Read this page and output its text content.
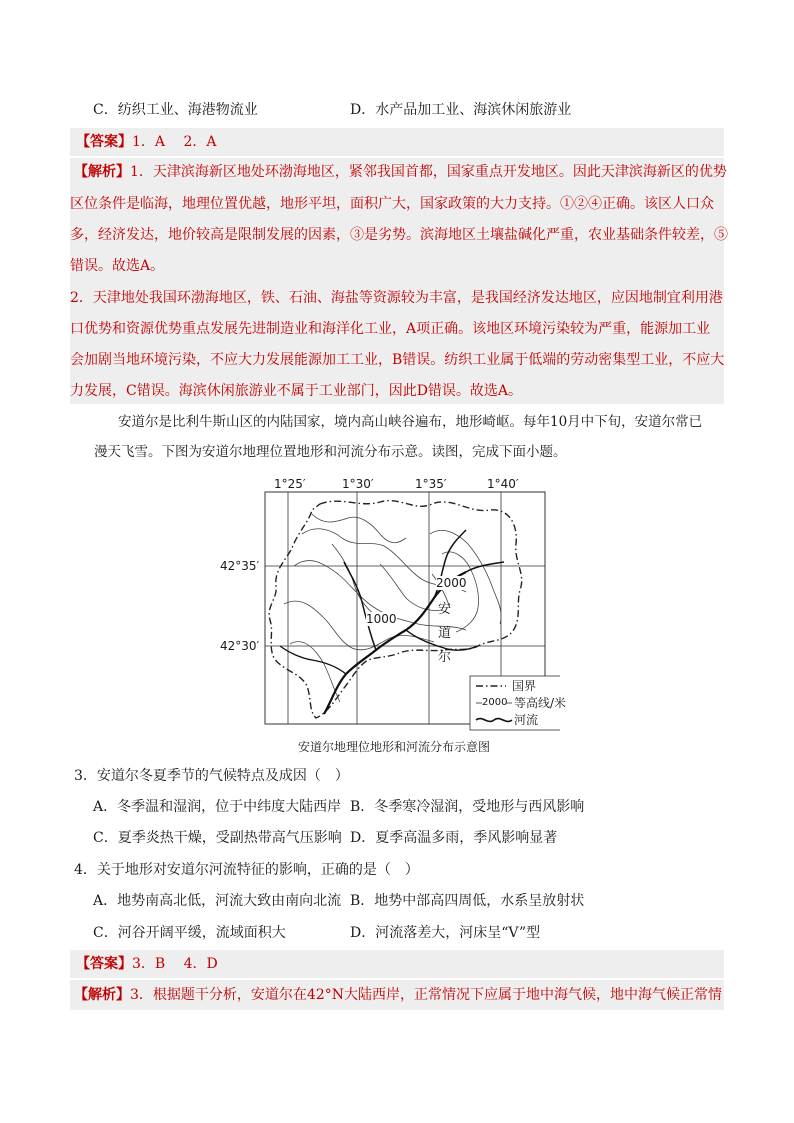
C．纺织工业、海港物流业	D．水产品加工业、海滨休闲旅游业
【答案】1．A　 2．A
【解析】1．天津滨海新区地处环渤海地区，紧邻我国首都，国家重点开发地区。因此天津滨海新区的优势
区位条件是临海，地理位置优越，地形平坦，面积广大，国家政策的大力支持。①②④正确。该区人口众
多，经济发达，地价较高是限制发展的因素，③是劣势。滨海地区土壤盐碱化严重，农业基础条件较差，⑤
错误。故选A。
2．天津地处我国环渤海地区，铁、石油、海盐等资源较为丰富，是我国经济发达地区，应因地制宜利用港
口优势和资源优势重点发展先进制造业和海洋化工业，A项正确。该地区环境污染较为严重，能源加工业
会加剧当地环境污染，不应大力发展能源加工工业，B错误。纺织工业属于低端的劳动密集型工业，不应大
力发展，C错误。海滨休闲旅游业不属于工业部门，因此D错误。故选A。
安道尔是比利牛斯山区的内陆国家，境内高山峡谷遍布，地形崎岖。每年10月中下旬，安道尔常已
漫天飞雪。下图为安道尔地理位置地形和河流分布示意。读图，完成下面小题。
1°25′	1°30′	1°35′	1°40′
42°35′
42°30′
2000
1000
安
道
尔
国界
2000 等高线/米
河流
安道尔地理位地形和河流分布示意图
3．安道尔冬夏季节的气候特点及成因（　）
A．冬季温和湿润，位于中纬度大陆西岸 B．冬季寒冷湿润，受地形与西风影响
C．夏季炎热干燥，受副热带高气压影响 D．夏季高温多雨，季风影响显著
4．关于地形对安道尔河流特征的影响，正确的是（　）
A．地势南高北低，河流大致由南向北流 B．地势中部高四周低，水系呈放射状
C．河谷开阔平缓，流域面积大	D．河流落差大，河床呈“V”型
【答案】3．B　 4．D
【解析】3．根据题干分析，安道尔在42°N大陆西岸，正常情况下应属于地中海气候，地中海气候正常情
